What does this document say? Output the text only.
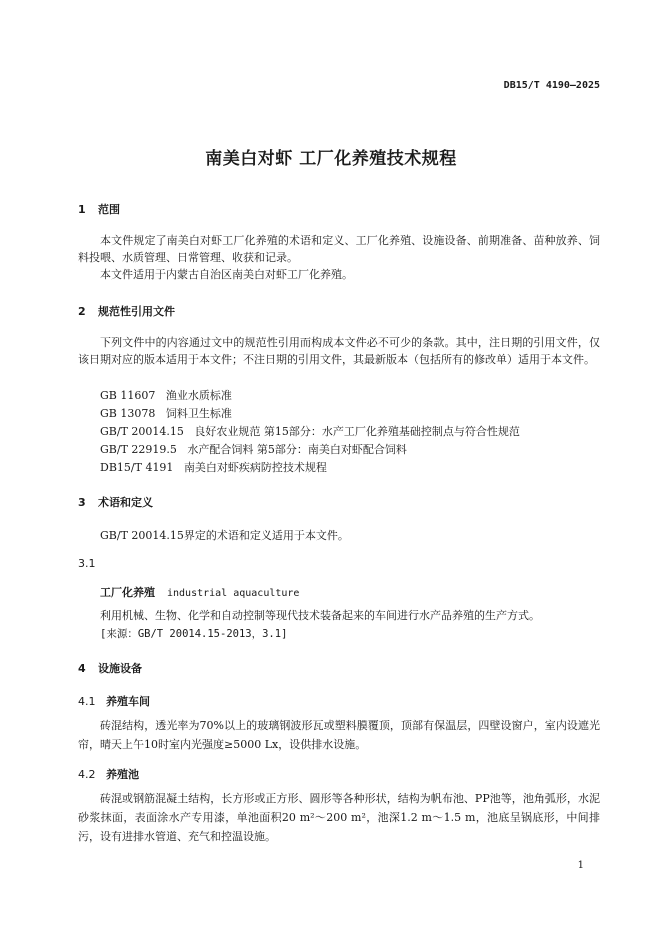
DB15/T 4190—2025
南美白对虾 工厂化养殖技术规程
1 范围
本文件规定了南美白对虾工厂化养殖的术语和定义、工厂化养殖、设施设备、前期准备、苗种放养、饲料投喂、水质管理、日常管理、收获和记录。
本文件适用于内蒙古自治区南美白对虾工厂化养殖。
2 规范性引用文件
下列文件中的内容通过文中的规范性引用而构成本文件必不可少的条款。其中，注日期的引用文件，仅该日期对应的版本适用于本文件；不注日期的引用文件，其最新版本（包括所有的修改单）适用于本文件。
GB 11607 渔业水质标准
GB 13078 饲料卫生标准
GB/T 20014.15 良好农业规范 第15部分：水产工厂化养殖基础控制点与符合性规范
GB/T 22919.5 水产配合饲料 第5部分：南美白对虾配合饲料
DB15/T 4191 南美白对虾疾病防控技术规程
3 术语和定义
GB/T 20014.15界定的术语和定义适用于本文件。
3.1
工厂化养殖 industrial aquaculture
利用机械、生物、化学和自动控制等现代技术装备起来的车间进行水产品养殖的生产方式。
[来源：GB/T 20014.15-2013，3.1]
4 设施设备
4.1 养殖车间
砖混结构，透光率为70%以上的玻璃钢波形瓦或塑料膜覆顶，顶部有保温层，四壁设窗户，室内设遮光帘，晴天上午10时室内光强度≥5000 Lx，设供排水设施。
4.2 养殖池
砖混或钢筋混凝土结构，长方形或正方形、圆形等各种形状，结构为帆布池、PP池等，池角弧形，水泥砂浆抹面，表面涂水产专用漆，单池面积20 m²～200 m²，池深1.2 m～1.5 m，池底呈锅底形，中间排污，设有进排水管道、充气和控温设施。
1
